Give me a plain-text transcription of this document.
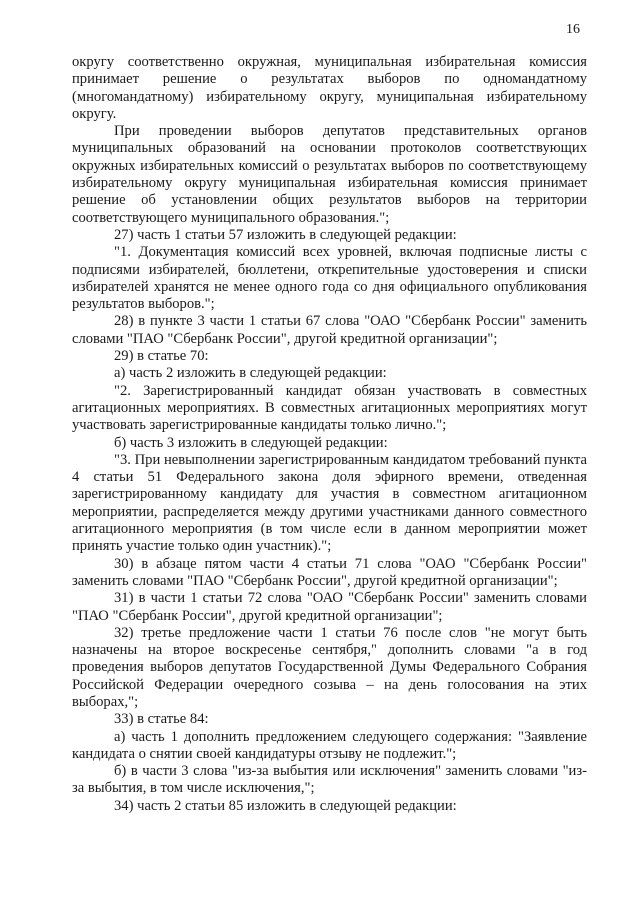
16

округу соответственно окружная, муниципальная избирательная комиссия принимает решение о результатах выборов по одномандатному (многомандатному) избирательному округу, муниципальная избирательному округу.

При проведении выборов депутатов представительных органов муниципальных образований на основании протоколов соответствующих окружных избирательных комиссий о результатах выборов по соответствующему избирательному округу муниципальная избирательная комиссия принимает решение об установлении общих результатов выборов на территории соответствующего муниципального образования.";

27) часть 1 статьи 57 изложить в следующей редакции:

"1. Документация комиссий всех уровней, включая подписные листы с подписями избирателей, бюллетени, открепительные удостоверения и списки избирателей хранятся не менее одного года со дня официального опубликования результатов выборов.";

28) в пункте 3 части 1 статьи 67 слова "ОАО "Сбербанк России" заменить словами "ПАО "Сбербанк России", другой кредитной организации";

29) в статье 70:

а) часть 2 изложить в следующей редакции:

"2. Зарегистрированный кандидат обязан участвовать в совместных агитационных мероприятиях. В совместных агитационных мероприятиях могут участвовать зарегистрированные кандидаты только лично.";

б) часть 3 изложить в следующей редакции:

"3. При невыполнении зарегистрированным кандидатом требований пункта 4 статьи 51 Федерального закона доля эфирного времени, отведенная зарегистрированному кандидату для участия в совместном агитационном мероприятии, распределяется между другими участниками данного совместного агитационного мероприятия (в том числе если в данном мероприятии может принять участие только один участник).";

30) в абзаце пятом части 4 статьи 71 слова "ОАО "Сбербанк России" заменить словами "ПАО "Сбербанк России", другой кредитной организации";

31) в части 1 статьи 72 слова "ОАО "Сбербанк России" заменить словами "ПАО "Сбербанк России", другой кредитной организации";

32) третье предложение части 1 статьи 76 после слов "не могут быть назначены на второе воскресенье сентября," дополнить словами "а в год проведения выборов депутатов Государственной Думы Федерального Собрания Российской Федерации очередного созыва – на день голосования на этих выборах,";

33) в статье 84:

а) часть 1 дополнить предложением следующего содержания: "Заявление кандидата о снятии своей кандидатуры отзыву не подлежит.";

б) в части 3 слова "из-за выбытия или исключения" заменить словами "из-за выбытия, в том числе исключения,";

34) часть 2 статьи 85 изложить в следующей редакции:
